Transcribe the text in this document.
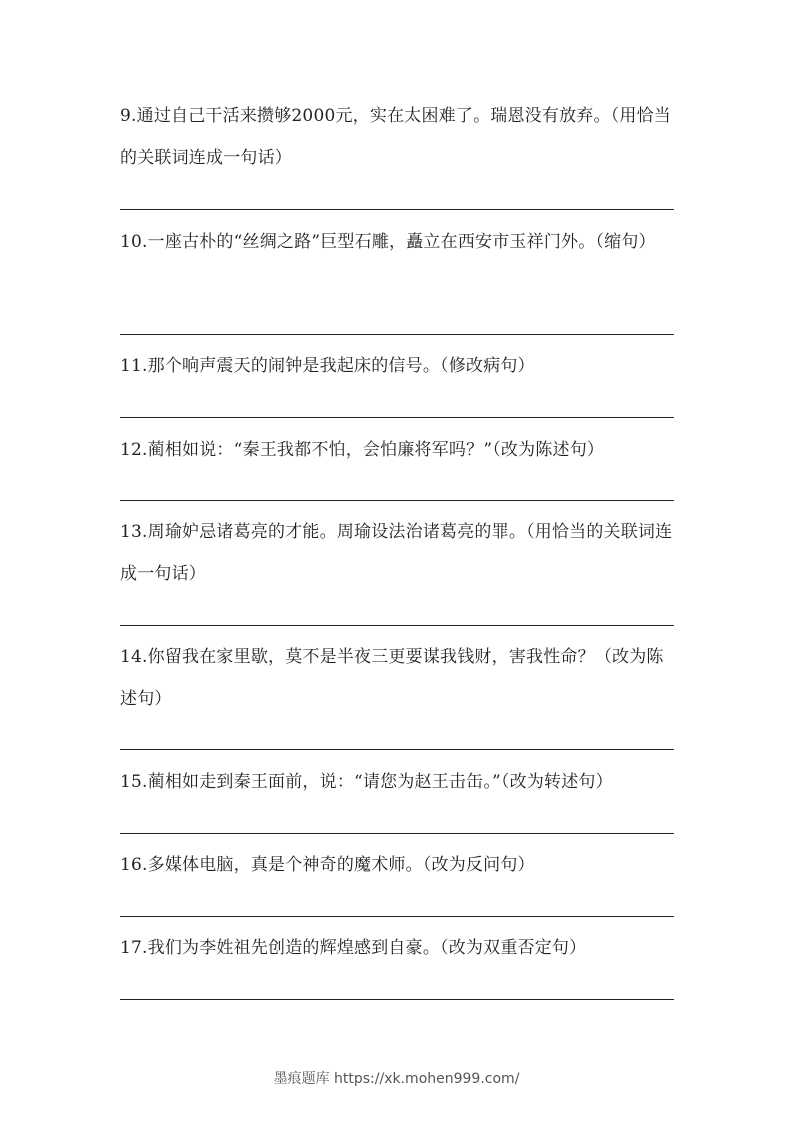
9.通过自己干活来攒够2000元，实在太困难了。瑞恩没有放弃。（用恰当的关联词连成一句话）
10.一座古朴的“丝绸之路”巨型石雕，矗立在西安市玉祥门外。（缩句）
11.那个响声震天的闹钟是我起床的信号。（修改病句）
12.蔺相如说：“秦王我都不怕，会怕廉将军吗？”（改为陈述句）
13.周瑜妒忌诸葛亮的才能。周瑜设法治诸葛亮的罪。（用恰当的关联词连成一句话）
14.你留我在家里歇，莫不是半夜三更要谋我钱财，害我性命？（改为陈述句）
15.蔺相如走到秦王面前，说：“请您为赵王击缶。”（改为转述句）
16.多媒体电脑，真是个神奇的魔术师。（改为反问句）
17.我们为李姓祖先创造的辉煌感到自豪。（改为双重否定句）
墨痕题库 https://xk.mohen999.com/
